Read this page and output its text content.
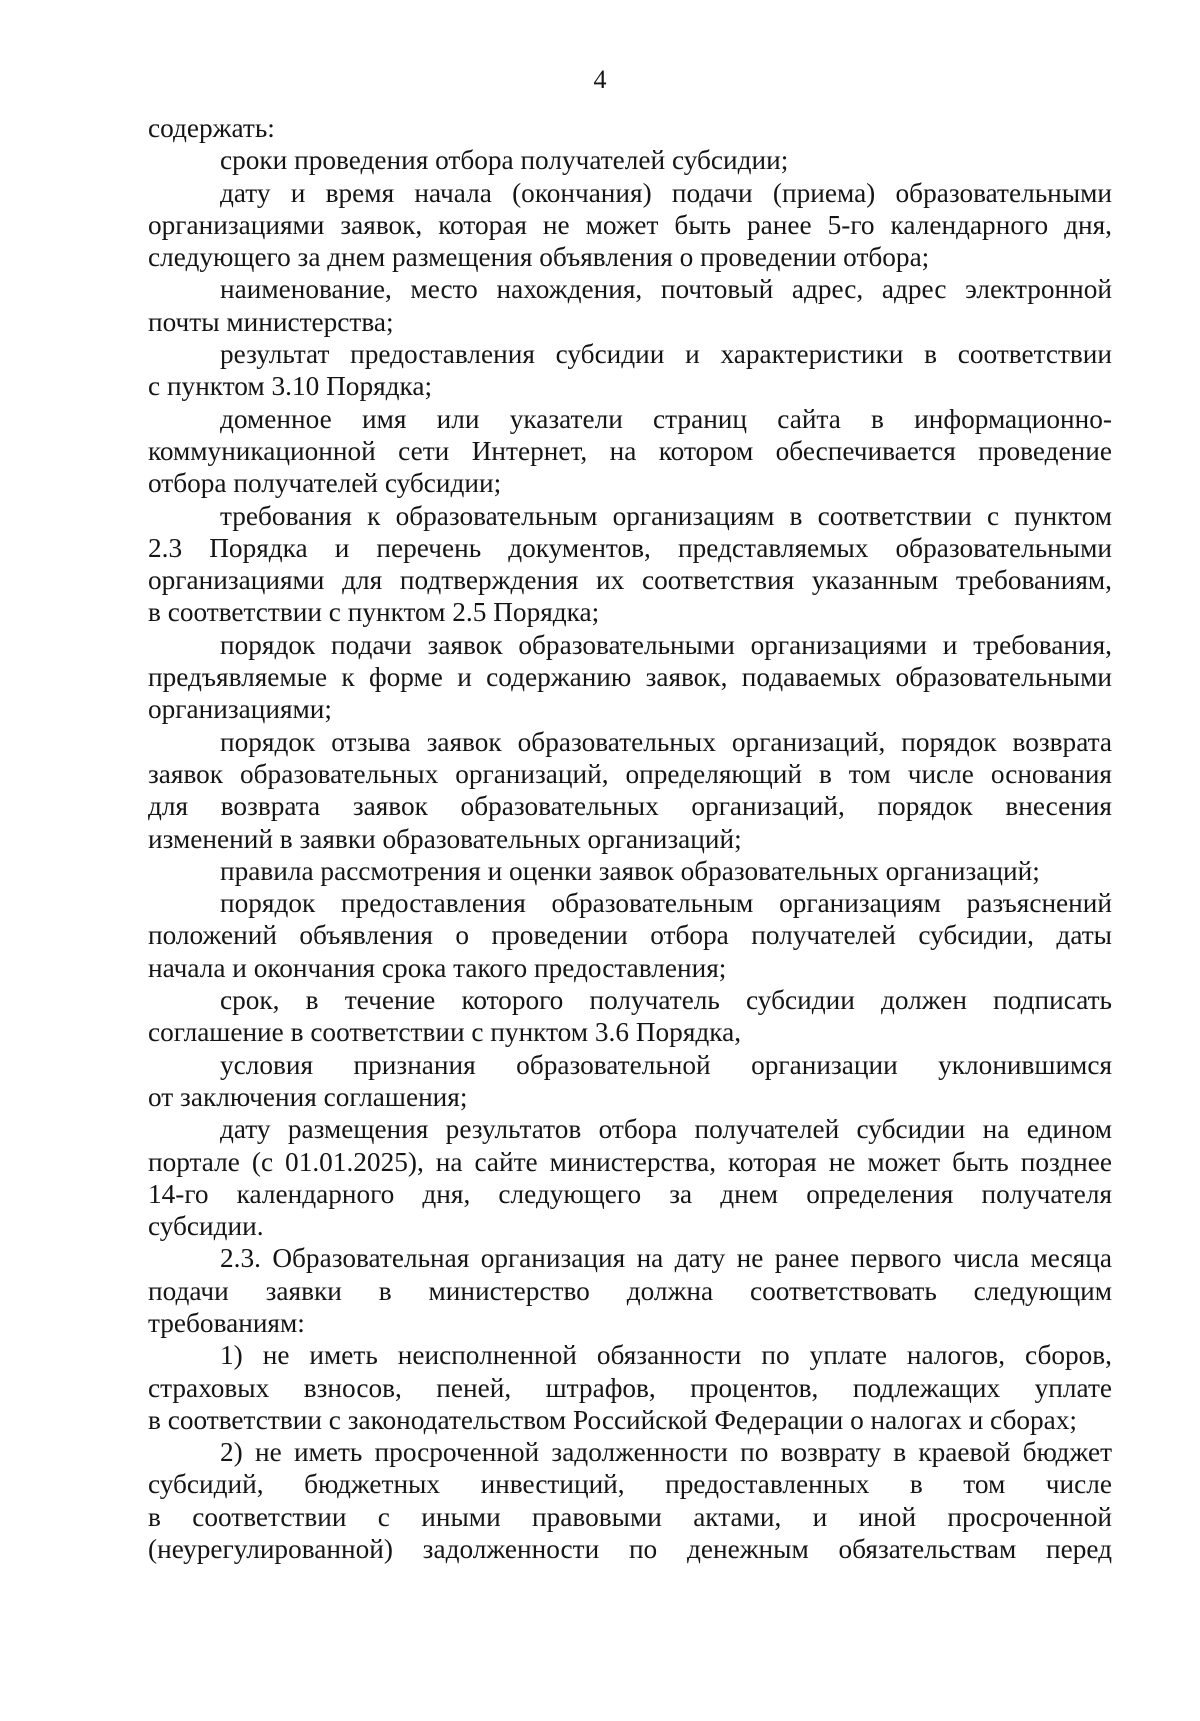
4
содержать:
сроки проведения отбора получателей субсидии;
дату и время начала (окончания) подачи (приема) образовательными
организациями заявок, которая не может быть ранее 5-го календарного дня,
следующего за днем размещения объявления о проведении отбора;
наименование, место нахождения, почтовый адрес, адрес электронной
почты министерства;
результат предоставления субсидии и характеристики в соответствии
с пунктом 3.10 Порядка;
доменное имя или указатели страниц сайта в информационно-
коммуникационной сети Интернет, на котором обеспечивается проведение
отбора получателей субсидии;
требования к образовательным организациям в соответствии с пунктом
2.3 Порядка и перечень документов, представляемых образовательными
организациями для подтверждения их соответствия указанным требованиям,
в соответствии с пунктом 2.5 Порядка;
порядок подачи заявок образовательными организациями и требования,
предъявляемые к форме и содержанию заявок, подаваемых образовательными
организациями;
порядок отзыва заявок образовательных организаций, порядок возврата
заявок образовательных организаций, определяющий в том числе основания
для возврата заявок образовательных организаций, порядок внесения
изменений в заявки образовательных организаций;
правила рассмотрения и оценки заявок образовательных организаций;
порядок предоставления образовательным организациям разъяснений
положений объявления о проведении отбора получателей субсидии, даты
начала и окончания срока такого предоставления;
срок, в течение которого получатель субсидии должен подписать
соглашение в соответствии с пунктом 3.6 Порядка,
условия признания образовательной организации уклонившимся
от заключения соглашения;
дату размещения результатов отбора получателей субсидии на едином
портале (с 01.01.2025), на сайте министерства, которая не может быть позднее
14-го календарного дня, следующего за днем определения получателя
субсидии.
2.3. Образовательная организация на дату не ранее первого числа месяца
подачи заявки в министерство должна соответствовать следующим
требованиям:
1) не иметь неисполненной обязанности по уплате налогов, сборов,
страховых взносов, пеней, штрафов, процентов, подлежащих уплате
в соответствии с законодательством Российской Федерации о налогах и сборах;
2) не иметь просроченной задолженности по возврату в краевой бюджет
субсидий, бюджетных инвестиций, предоставленных в том числе
в соответствии с иными правовыми актами, и иной просроченной
(неурегулированной) задолженности по денежным обязательствам перед
